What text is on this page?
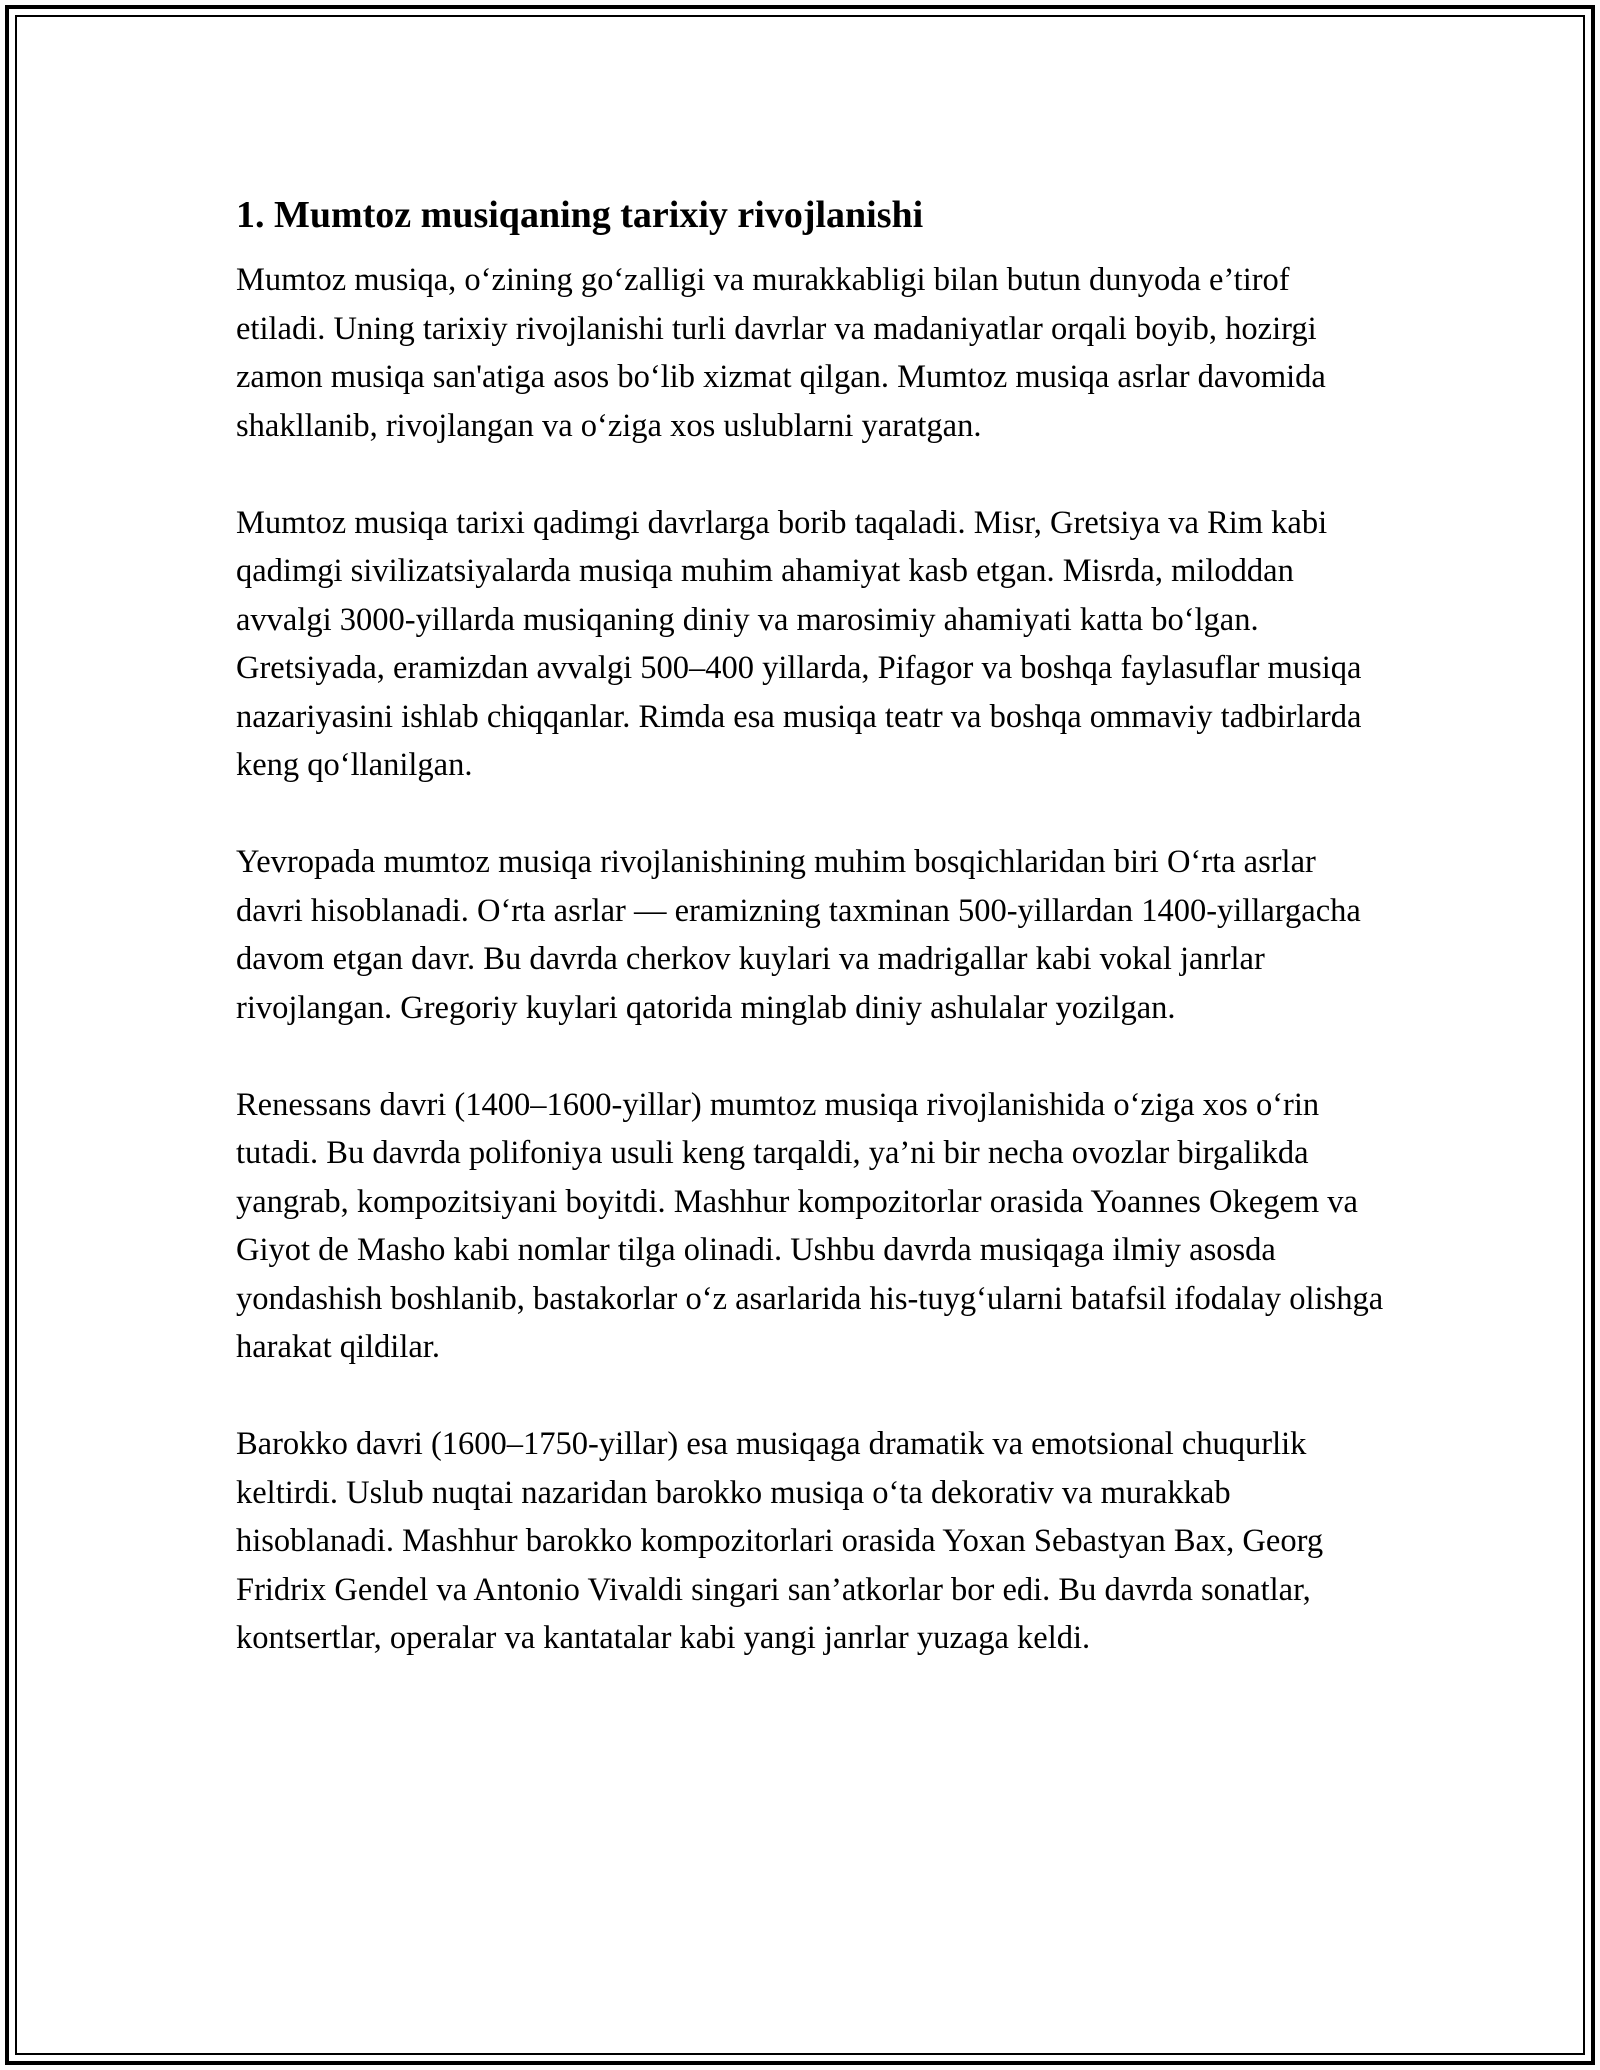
1. Mumtoz musiqaning tarixiy rivojlanishi

Mumtoz musiqa, o‘zining go‘zalligi va murakkabligi bilan butun dunyoda e’tirof etiladi. Uning tarixiy rivojlanishi turli davrlar va madaniyatlar orqali boyib, hozirgi zamon musiqa san'atiga asos bo‘lib xizmat qilgan. Mumtoz musiqa asrlar davomida shakllanib, rivojlangan va o‘ziga xos uslublarni yaratgan.

Mumtoz musiqa tarixi qadimgi davrlarga borib taqaladi. Misr, Gretsiya va Rim kabi qadimgi sivilizatsiyalarda musiqa muhim ahamiyat kasb etgan. Misrda, miloddan avvalgi 3000-yillarda musiqaning diniy va marosimiy ahamiyati katta bo‘lgan. Gretsiyada, eramizdan avvalgi 500–400 yillarda, Pifagor va boshqa faylasuflar musiqa nazariyasini ishlab chiqqanlar. Rimda esa musiqa teatr va boshqa ommaviy tadbirlarda keng qo‘llanilgan.

Yevropada mumtoz musiqa rivojlanishining muhim bosqichlaridan biri O‘rta asrlar davri hisoblanadi. O‘rta asrlar — eramizning taxminan 500-yillardan 1400-yillargacha davom etgan davr. Bu davrda cherkov kuylari va madrigallar kabi vokal janrlar rivojlangan. Gregoriy kuylari qatorida minglab diniy ashulalar yozilgan.

Renessans davri (1400–1600-yillar) mumtoz musiqa rivojlanishida o‘ziga xos o‘rin tutadi. Bu davrda polifoniya usuli keng tarqaldi, ya’ni bir necha ovozlar birgalikda yangrab, kompozitsiyani boyitdi. Mashhur kompozitorlar orasida Yoannes Okegem va Giyot de Masho kabi nomlar tilga olinadi. Ushbu davrda musiqaga ilmiy asosda yondashish boshlanib, bastakorlar o‘z asarlarida his-tuyg‘ularni batafsil ifodalay olishga harakat qildilar.

Barokko davri (1600–1750-yillar) esa musiqaga dramatik va emotsional chuqurlik keltirdi. Uslub nuqtai nazaridan barokko musiqa o‘ta dekorativ va murakkab hisoblanadi. Mashhur barokko kompozitorlari orasida Yoxan Sebastyan Bax, Georg Fridrix Gendel va Antonio Vivaldi singari san’atkorlar bor edi. Bu davrda sonatlar, kontsertlar, operalar va kantatalar kabi yangi janrlar yuzaga keldi.
